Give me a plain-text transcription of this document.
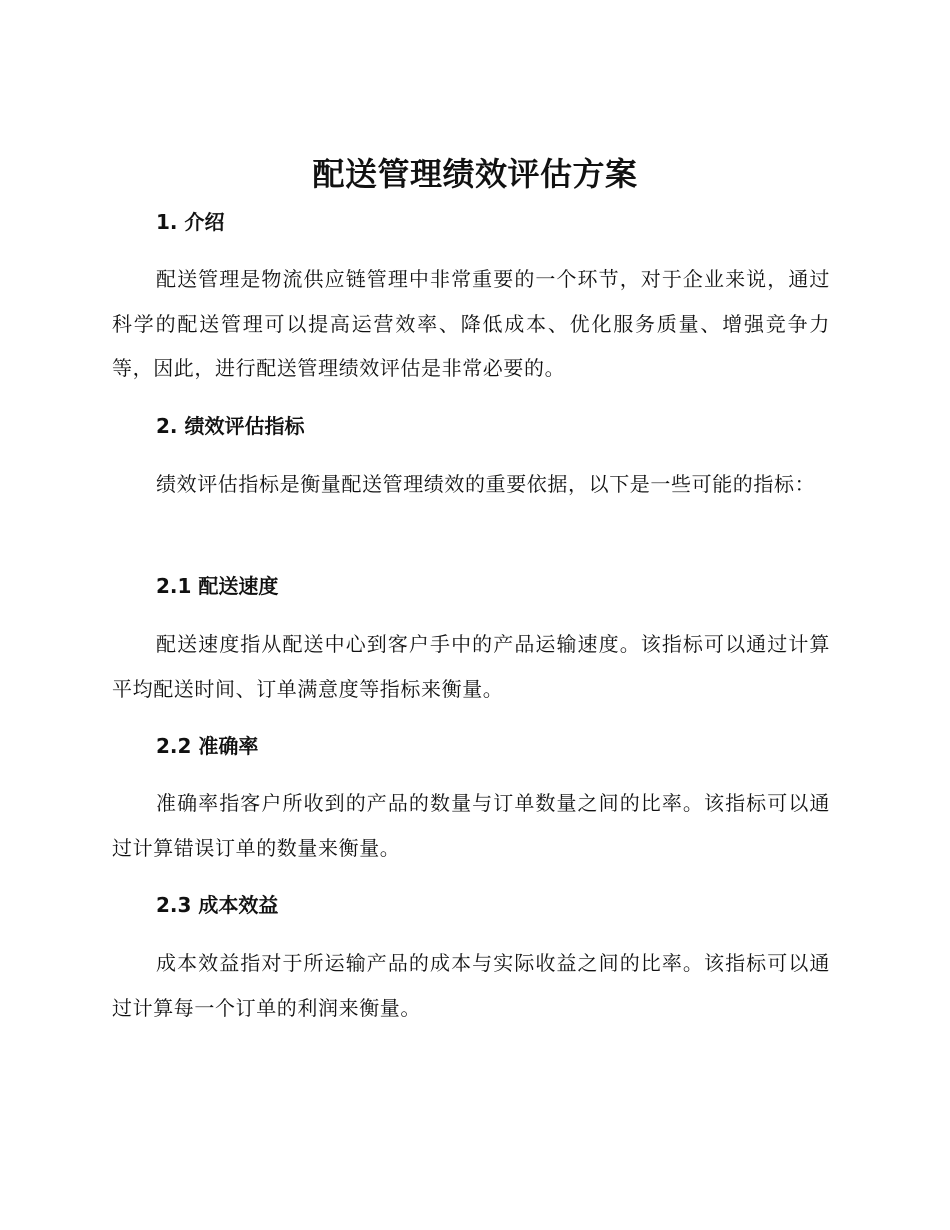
配送管理绩效评估方案
1. 介绍

配送管理是物流供应链管理中非常重要的一个环节，对于企业来说，通过科学的配送管理可以提高运营效率、降低成本、优化服务质量、增强竞争力等，因此，进行配送管理绩效评估是非常必要的。

2. 绩效评估指标

绩效评估指标是衡量配送管理绩效的重要依据，以下是一些可能的指标：

2.1 配送速度

配送速度指从配送中心到客户手中的产品运输速度。该指标可以通过计算平均配送时间、订单满意度等指标来衡量。

2.2 准确率

准确率指客户所收到的产品的数量与订单数量之间的比率。该指标可以通过计算错误订单的数量来衡量。

2.3 成本效益

成本效益指对于所运输产品的成本与实际收益之间的比率。该指标可以通过计算每一个订单的利润来衡量。
